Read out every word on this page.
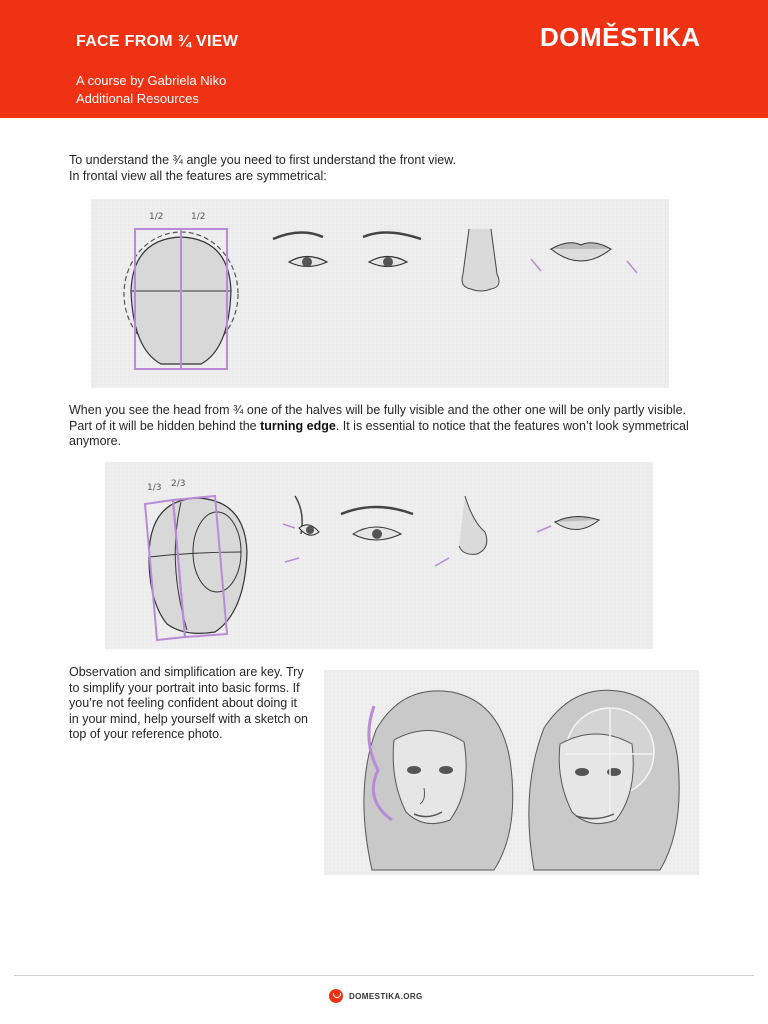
FACE FROM ¾ VIEW
A course by Gabriela Niko
Additional Resources
DOMĚSTIKA

To understand the ¾ angle you need to first understand the front view.
In frontal view all the features are symmetrical:

1/2	1/2

When you see the head from ¾ one of the halves will be fully visible and the other one will be only partly visible. Part of it will be hidden behind the turning edge. It is essential to notice that the features won’t look symmetrical anymore.

1/3 2/3

Observation and simplification are key. Try to simplify your portrait into basic forms. If you’re not feeling confident about doing it in your mind, help yourself with a sketch on top of your reference photo.

DOMESTIKA.ORG
